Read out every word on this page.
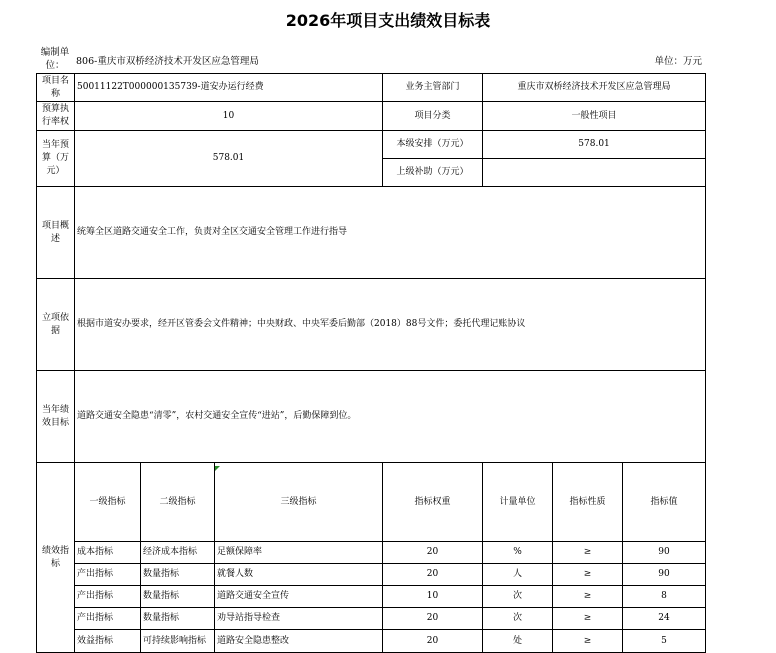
2026年项目支出绩效目标表
编制单位：	806-重庆市双桥经济技术开发区应急管理局	单位：万元
项目名称	50011122T000000135739-道安办运行经费			业务主管部门	重庆市双桥经济技术开发区应急管理局			
预算执行率权	10			项目分类	一般性项目			
当年预算（万元）	578.01			本级安排（万元）	578.01			
				上级补助（万元）				
项目概述	统筹全区道路交通安全工作，负责对全区交通安全管理工作进行指导							
立项依据	根据市道安办要求，经开区管委会文件精神；中央财政、中央军委后勤部（2018）88号文件；委托代理记账协议							
当年绩效目标	道路交通安全隐患“清零”，农村交通安全宣传“进站”，后勤保障到位。							
绩效指标	一级指标	二级指标	三级指标	指标权重	计量单位	指标性质	指标值	
	成本指标	经济成本指标	足额保障率	20	%	≥	90	
	产出指标	数量指标	就餐人数	20	人	≥	90	
	产出指标	数量指标	道路交通安全宣传	10	次	≥	8	
	产出指标	数量指标	劝导站指导检查	20	次	≥	24	
	效益指标	可持续影响指标	道路安全隐患整改	20	处	≥	5	
